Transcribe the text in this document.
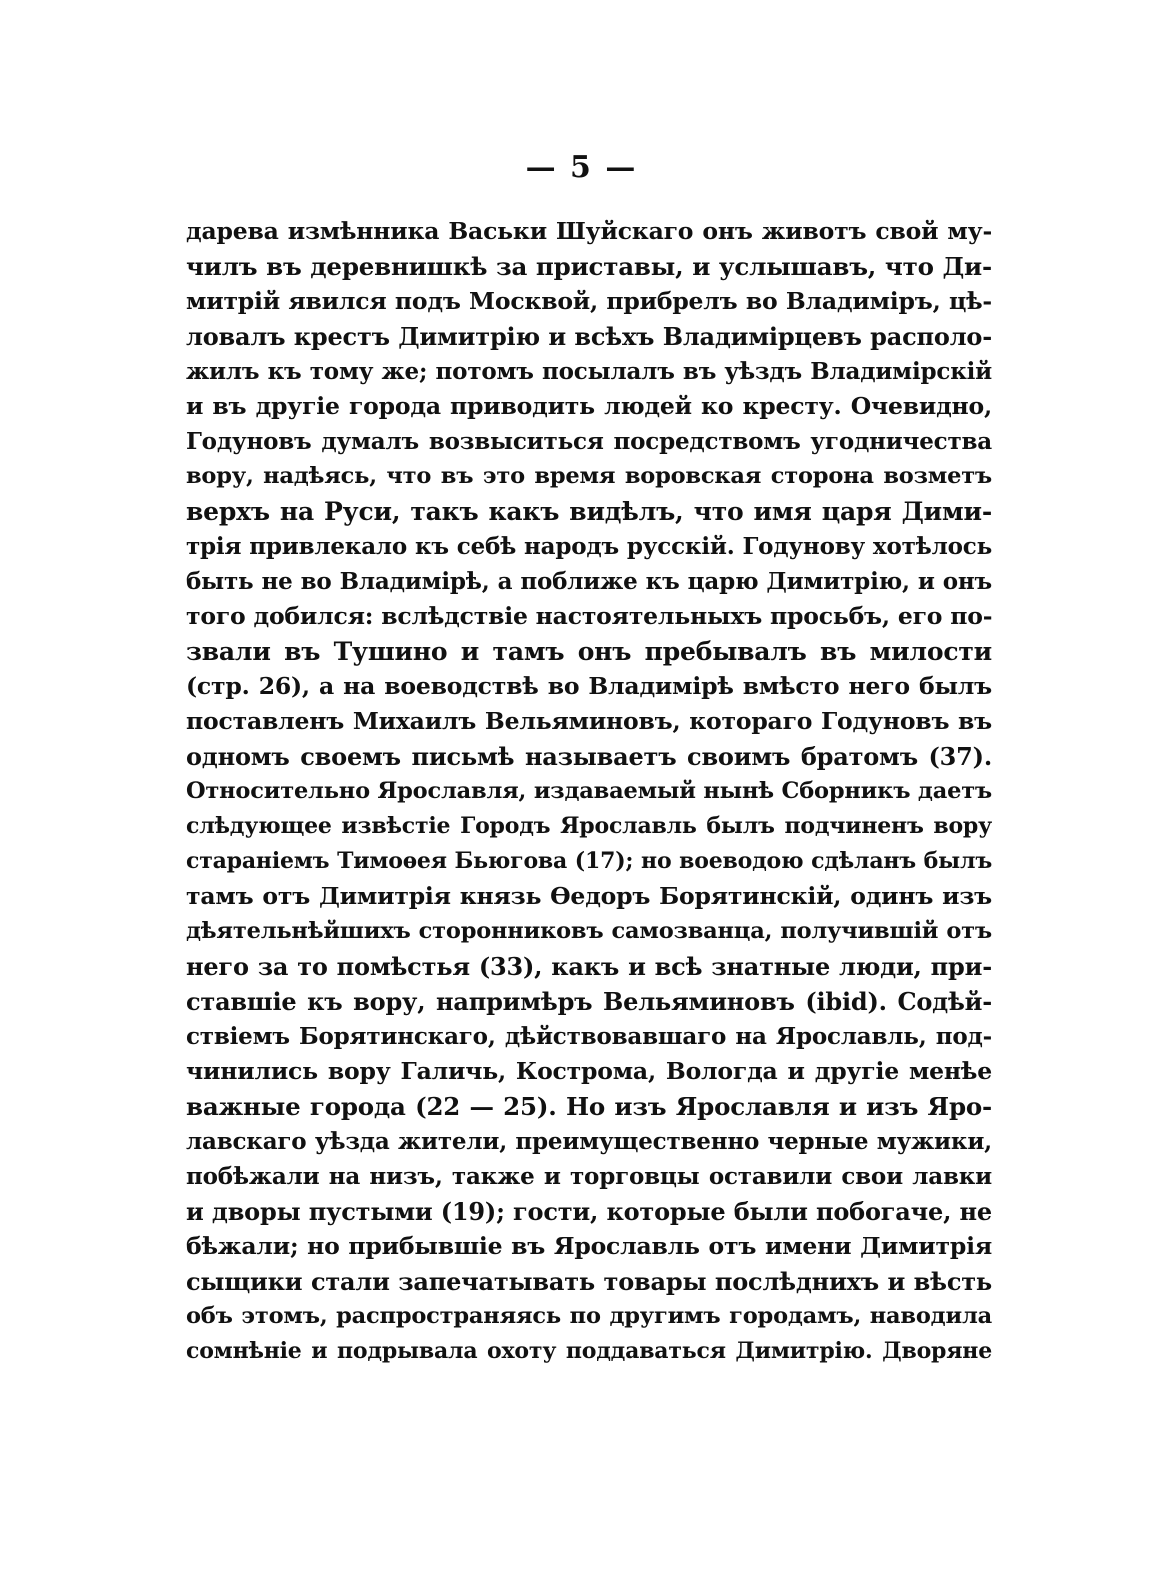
— 5 —
дарева измѣнника Васьки Шуйскаго онъ животъ свой му-
чилъ въ деревнишкѣ за приставы, и услышавъ, что Ди-
митрій явился подъ Москвой, прибрелъ во Владиміръ, цѣ-
ловалъ крестъ Димитрію и всѣхъ Владимірцевъ располо-
жилъ къ тому же; потомъ посылалъ въ уѣздъ Владимірскій
и въ другіе города приводить людей ко кресту. Очевидно,
Годуновъ думалъ возвыситься посредствомъ угодничества
вору, надѣясь, что въ это время воровская сторона возметъ
верхъ на Руси, такъ какъ видѣлъ, что имя царя Дими-
трія привлекало къ себѣ народъ русскій. Годунову хотѣлось
быть не во Владимірѣ, а поближе къ царю Димитрію, и онъ
того добился: вслѣдствіе настоятельныхъ просьбъ, его по-
звали въ Тушино и тамъ онъ пребывалъ въ милости
(стр. 26), а на воеводствѣ во Владимірѣ вмѣсто него былъ
поставленъ Михаилъ Вельяминовъ, котораго Годуновъ въ
одномъ своемъ письмѣ называетъ своимъ братомъ (37).
Относительно Ярославля, издаваемый нынѣ Сборникъ даетъ
слѣдующее извѣстіе Городъ Ярославль былъ подчиненъ вору
стараніемъ Тимоѳея Бьюгова (17); но воеводою сдѣланъ былъ
тамъ отъ Димитрія князь Ѳедоръ Борятинскій, одинъ изъ
дѣятельнѣйшихъ сторонниковъ самозванца, получившій отъ
него за то помѣстья (33), какъ и всѣ знатные люди, при-
ставшіе къ вору, напримѣръ Вельяминовъ (ibid). Содѣй-
ствіемъ Борятинскаго, дѣйствовавшаго на Ярославль, под-
чинились вору Галичь, Кострома, Вологда и другіе менѣе
важные города (22 — 25). Но изъ Ярославля и изъ Яро-
лавскаго уѣзда жители, преимущественно черные мужики,
побѣжали на низъ, также и торговцы оставили свои лавки
и дворы пустыми (19); гости, которые были побогаче, не
бѣжали; но прибывшіе въ Ярославль отъ имени Димитрія
сыщики стали запечатывать товары послѣднихъ и вѣсть
объ этомъ, распространяясь по другимъ городамъ, наводила
сомнѣніе и подрывала охоту поддаваться Димитрію. Дворяне
